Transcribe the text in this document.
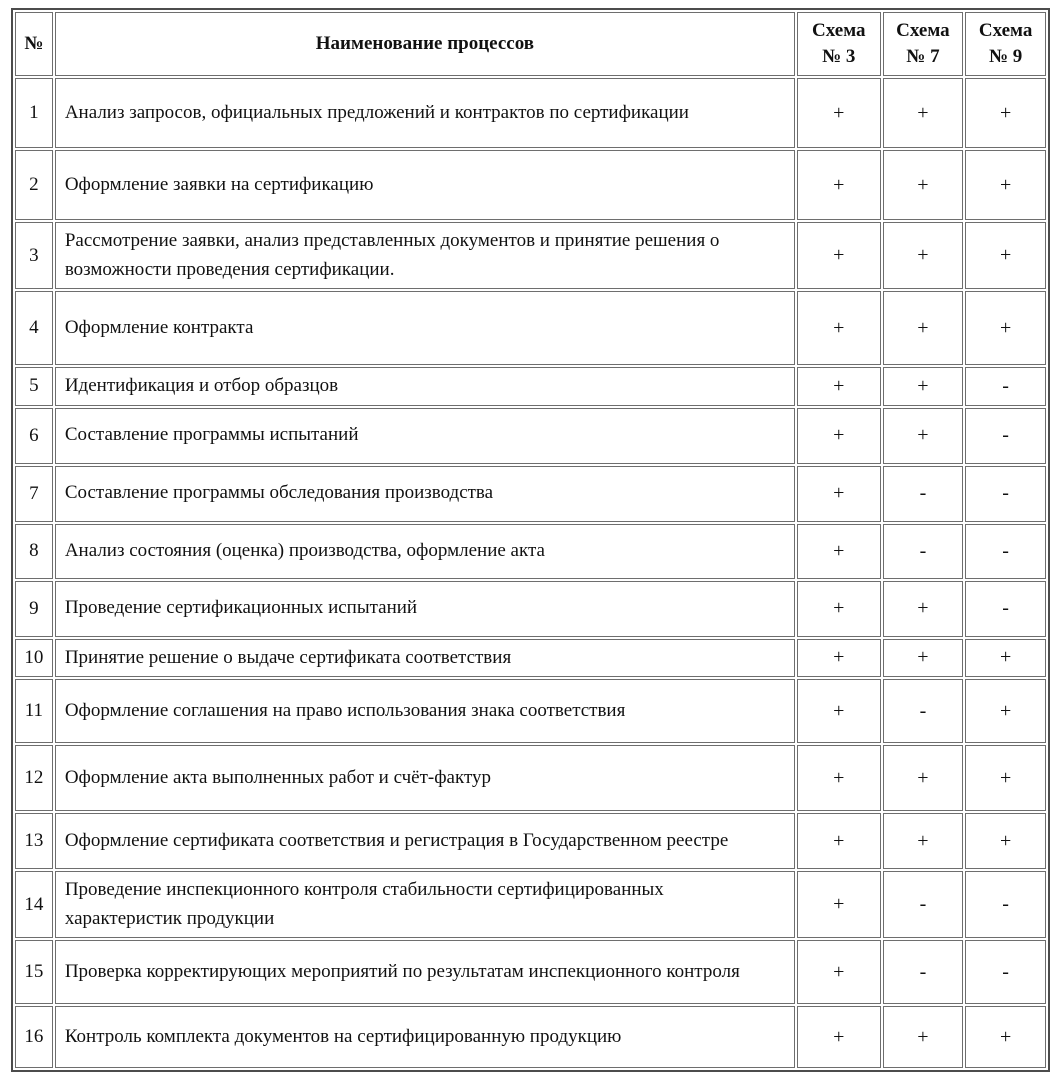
№	Наименование процессов	Схема № 3	Схема № 7	Схема № 9
1	Анализ запросов, официальных предложений и контрактов по сертификации	+	+	+
2	Оформление заявки на сертификацию	+	+	+
3	Рассмотрение заявки, анализ представленных документов и принятие решения о возможности проведения сертификации.	+	+	+
4	Оформление контракта	+	+	+
5	Идентификация и отбор образцов	+	+	-
6	Составление программы испытаний	+	+	-
7	Составление программы обследования производства	+	-	-
8	Анализ состояния (оценка) производства, оформление акта	+	-	-
9	Проведение сертификационных испытаний	+	+	-
10	Принятие решение о выдаче сертификата соответствия	+	+	+
11	Оформление соглашения на право использования знака соответствия	+	-	+
12	Оформление акта выполненных работ и счёт-фактур	+	+	+
13	Оформление сертификата соответствия и регистрация в Государственном реестре	+	+	+
14	Проведение инспекционного контроля стабильности сертифицированных характеристик продукции	+	-	-
15	Проверка корректирующих мероприятий по результатам инспекционного контроля	+	-	-
16	Контроль комплекта документов на сертифицированную продукцию	+	+	+
